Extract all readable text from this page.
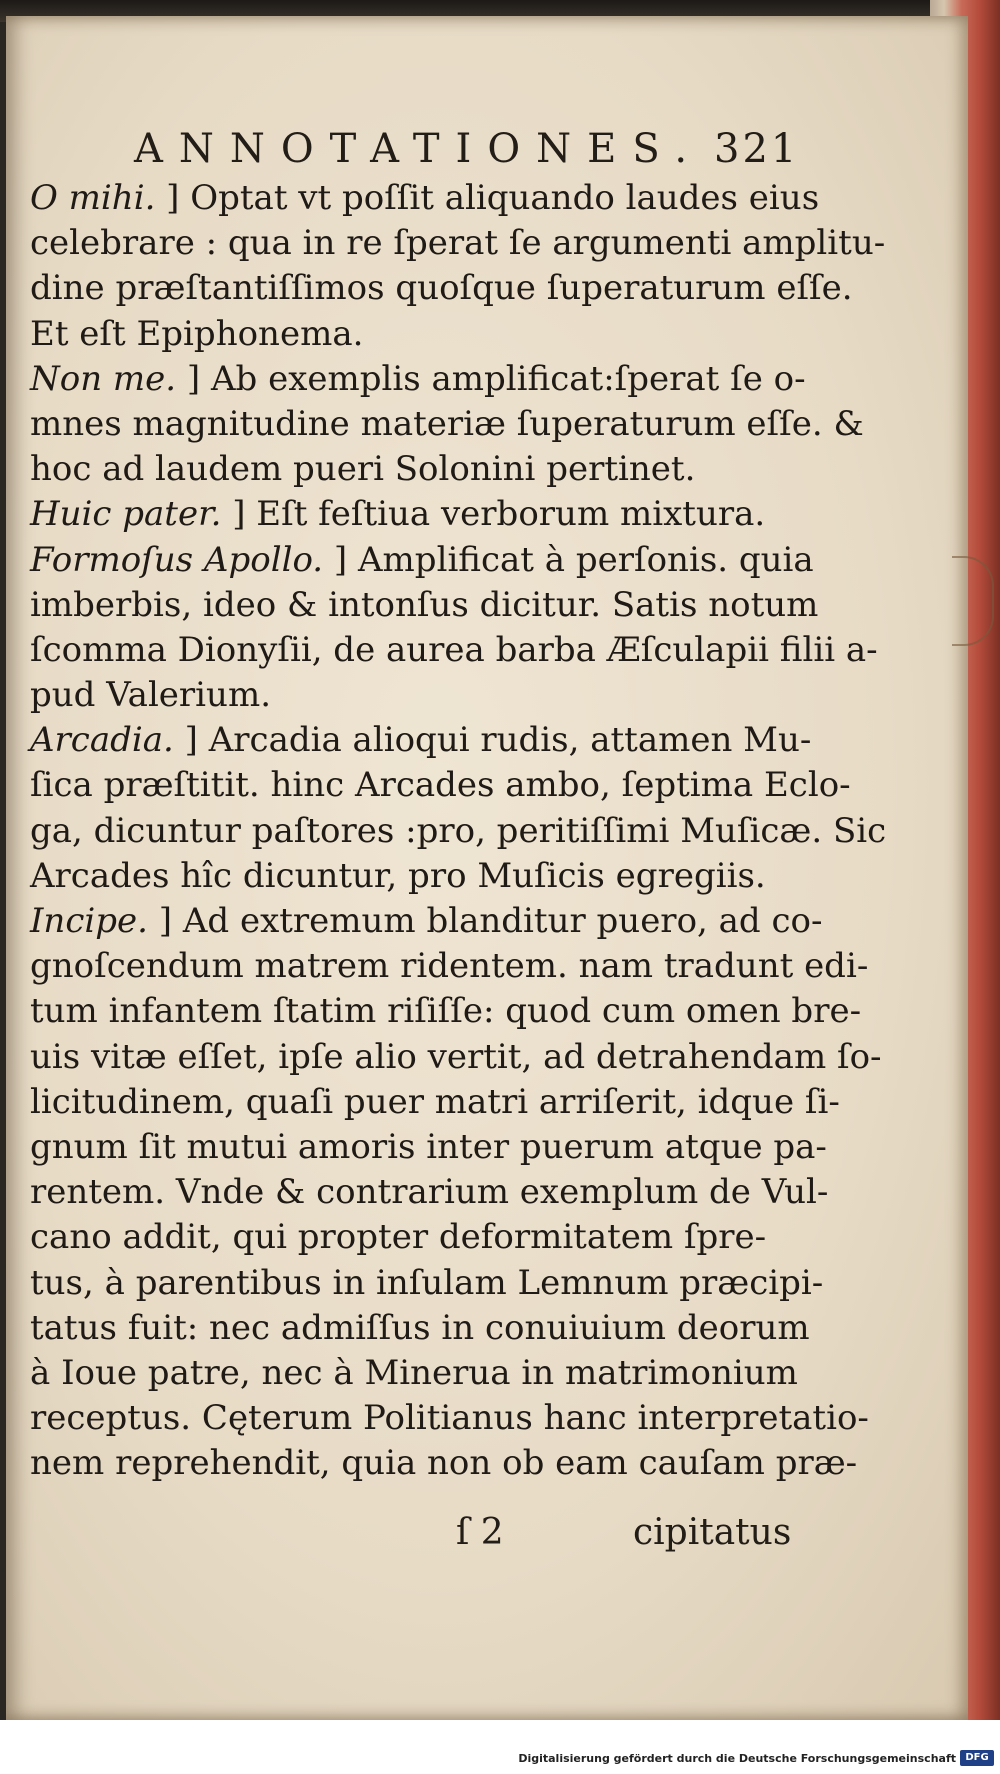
ANNOTATIONES. 321
O mihi. ] Optat vt poſſit aliquando laudes eius
celebrare : qua in re ſperat ſe argumenti amplitu-
dine præſtantiſſimos quoſque ſuperaturum eſſe.
Et eſt Epiphonema.
Non me. ] Ab exemplis amplificat:ſperat ſe o-
mnes magnitudine materiæ ſuperaturum eſſe. &
hoc ad laudem pueri Solonini pertinet.
Huic pater. ] Eſt feſtiua verborum mixtura.
Formoſus Apollo. ] Amplificat à perſonis. quia
imberbis, ideo & intonſus dicitur. Satis notum
ſcomma Dionyſii, de aurea barba Æſculapii filii a-
pud Valerium.
Arcadia. ] Arcadia alioqui rudis, attamen Mu-
ſica præſtitit. hinc Arcades ambo, ſeptima Eclo-
ga, dicuntur paſtores :pro, peritiſſimi Muſicæ. Sic
Arcades hîc dicuntur, pro Muſicis egregiis.
Incipe. ] Ad extremum blanditur puero, ad co-
gnoſcendum matrem ridentem. nam tradunt edi-
tum infantem ſtatim riſiſſe: quod cum omen bre-
uis vitæ eſſet, ipſe alio vertit, ad detrahendam ſo-
licitudinem, quaſi puer matri arriſerit, idque ſi-
gnum ſit mutui amoris inter puerum atque pa-
rentem. Vnde & contrarium exemplum de Vul-
cano addit, qui propter deformitatem ſpre-
tus, à parentibus in inſulam Lemnum præcipi-
tatus fuit: nec admiſſus in conuiuium deorum
à Ioue patre, nec à Minerua in matrimonium
receptus. Cęterum Politianus hanc interpretatio-
nem reprehendit, quia non ob eam cauſam præ-
ſ 2	cipitatus
Digitalisierung gefördert durch die Deutsche Forschungsgemeinschaft DFG
